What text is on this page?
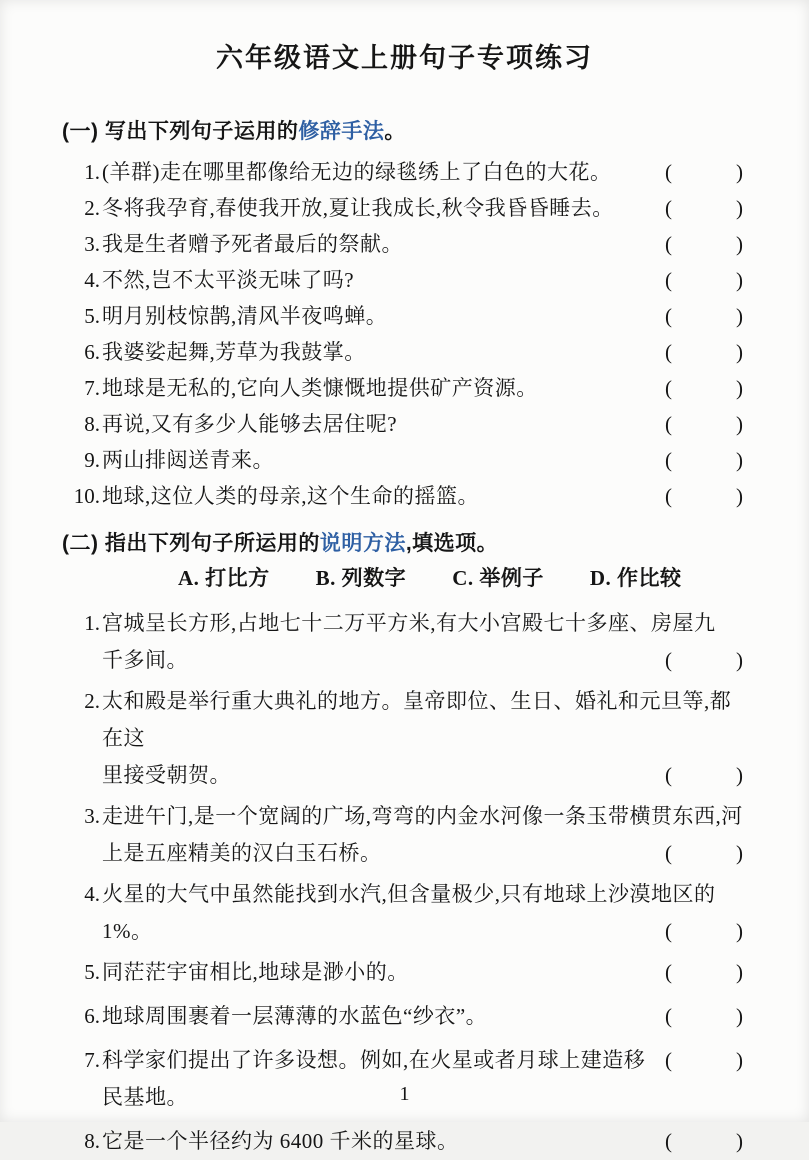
六年级语文上册句子专项练习
(一) 写出下列句子运用的修辞手法。
1. (羊群)走在哪里都像给无边的绿毯绣上了白色的大花。	(	)
2. 冬将我孕育,春使我开放,夏让我成长,秋令我昏昏睡去。	(	)
3. 我是生者赠予死者最后的祭献。	(	)
4. 不然,岂不太平淡无味了吗?	(	)
5. 明月别枝惊鹊,清风半夜鸣蝉。	(	)
6. 我婆娑起舞,芳草为我鼓掌。	(	)
7. 地球是无私的,它向人类慷慨地提供矿产资源。	(	)
8. 再说,又有多少人能够去居住呢?	(	)
9. 两山排闼送青来。	(	)
10. 地球,这位人类的母亲,这个生命的摇篮。	(	)
(二) 指出下列句子所运用的说明方法,填选项。
A. 打比方 B. 列数字 C. 举例子 D. 作比较
1. 宫城呈长方形,占地七十二万平方米,有大小宫殿七十多座、房屋九
千多间。	(	)
2. 太和殿是举行重大典礼的地方。皇帝即位、生日、婚礼和元旦等,都在这
里接受朝贺。	(	)
3. 走进午门,是一个宽阔的广场,弯弯的内金水河像一条玉带横贯东西,河
上是五座精美的汉白玉石桥。	(	)
4. 火星的大气中虽然能找到水汽,但含量极少,只有地球上沙漠地区的
1%。	(	)
5. 同茫茫宇宙相比,地球是渺小的。	(	)
6. 地球周围裹着一层薄薄的水蓝色“纱衣”。	(	)
7. 科学家们提出了许多设想。例如,在火星或者月球上建造移民基地。
(	)
8. 它是一个半径约为 6400 千米的星球。	(	)
1
